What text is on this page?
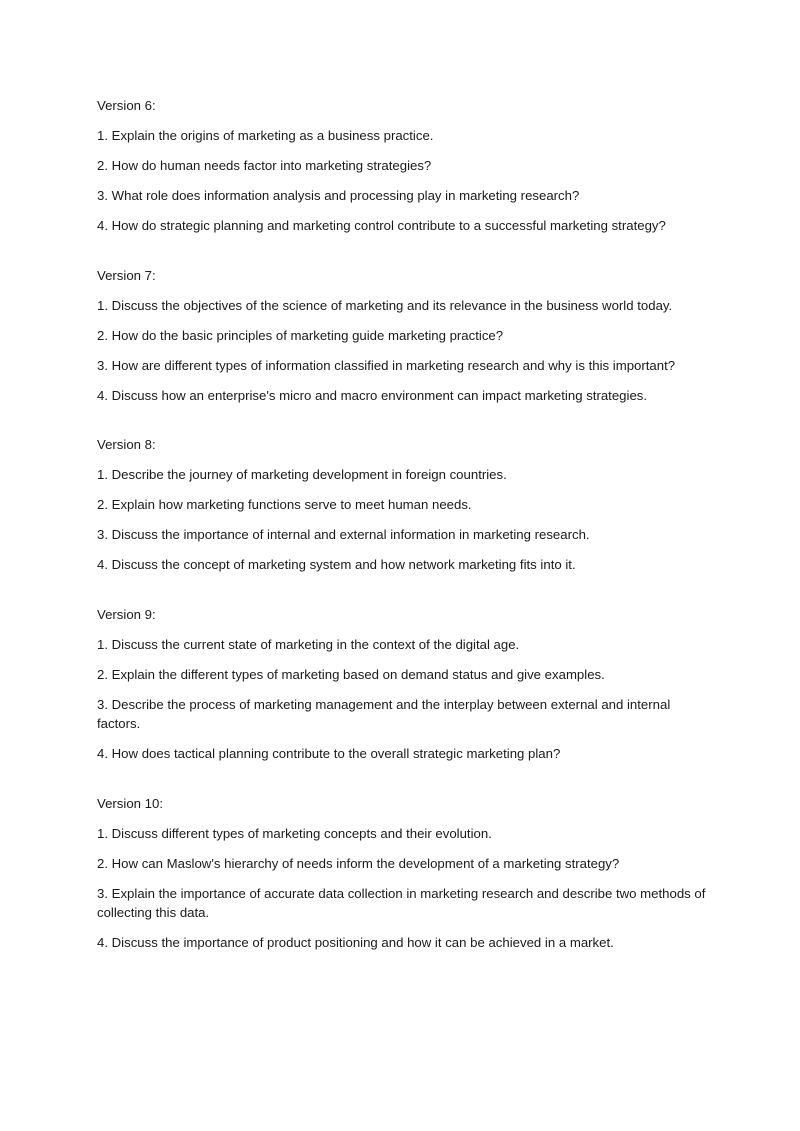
Version 6:
1. Explain the origins of marketing as a business practice.
2. How do human needs factor into marketing strategies?
3. What role does information analysis and processing play in marketing research?
4. How do strategic planning and marketing control contribute to a successful marketing strategy?
Version 7:
1. Discuss the objectives of the science of marketing and its relevance in the business world today.
2. How do the basic principles of marketing guide marketing practice?
3. How are different types of information classified in marketing research and why is this important?
4. Discuss how an enterprise's micro and macro environment can impact marketing strategies.
Version 8:
1. Describe the journey of marketing development in foreign countries.
2. Explain how marketing functions serve to meet human needs.
3. Discuss the importance of internal and external information in marketing research.
4. Discuss the concept of marketing system and how network marketing fits into it.
Version 9:
1. Discuss the current state of marketing in the context of the digital age.
2. Explain the different types of marketing based on demand status and give examples.
3. Describe the process of marketing management and the interplay between external and internal factors.
4. How does tactical planning contribute to the overall strategic marketing plan?
Version 10:
1. Discuss different types of marketing concepts and their evolution.
2. How can Maslow's hierarchy of needs inform the development of a marketing strategy?
3. Explain the importance of accurate data collection in marketing research and describe two methods of collecting this data.
4. Discuss the importance of product positioning and how it can be achieved in a market.
